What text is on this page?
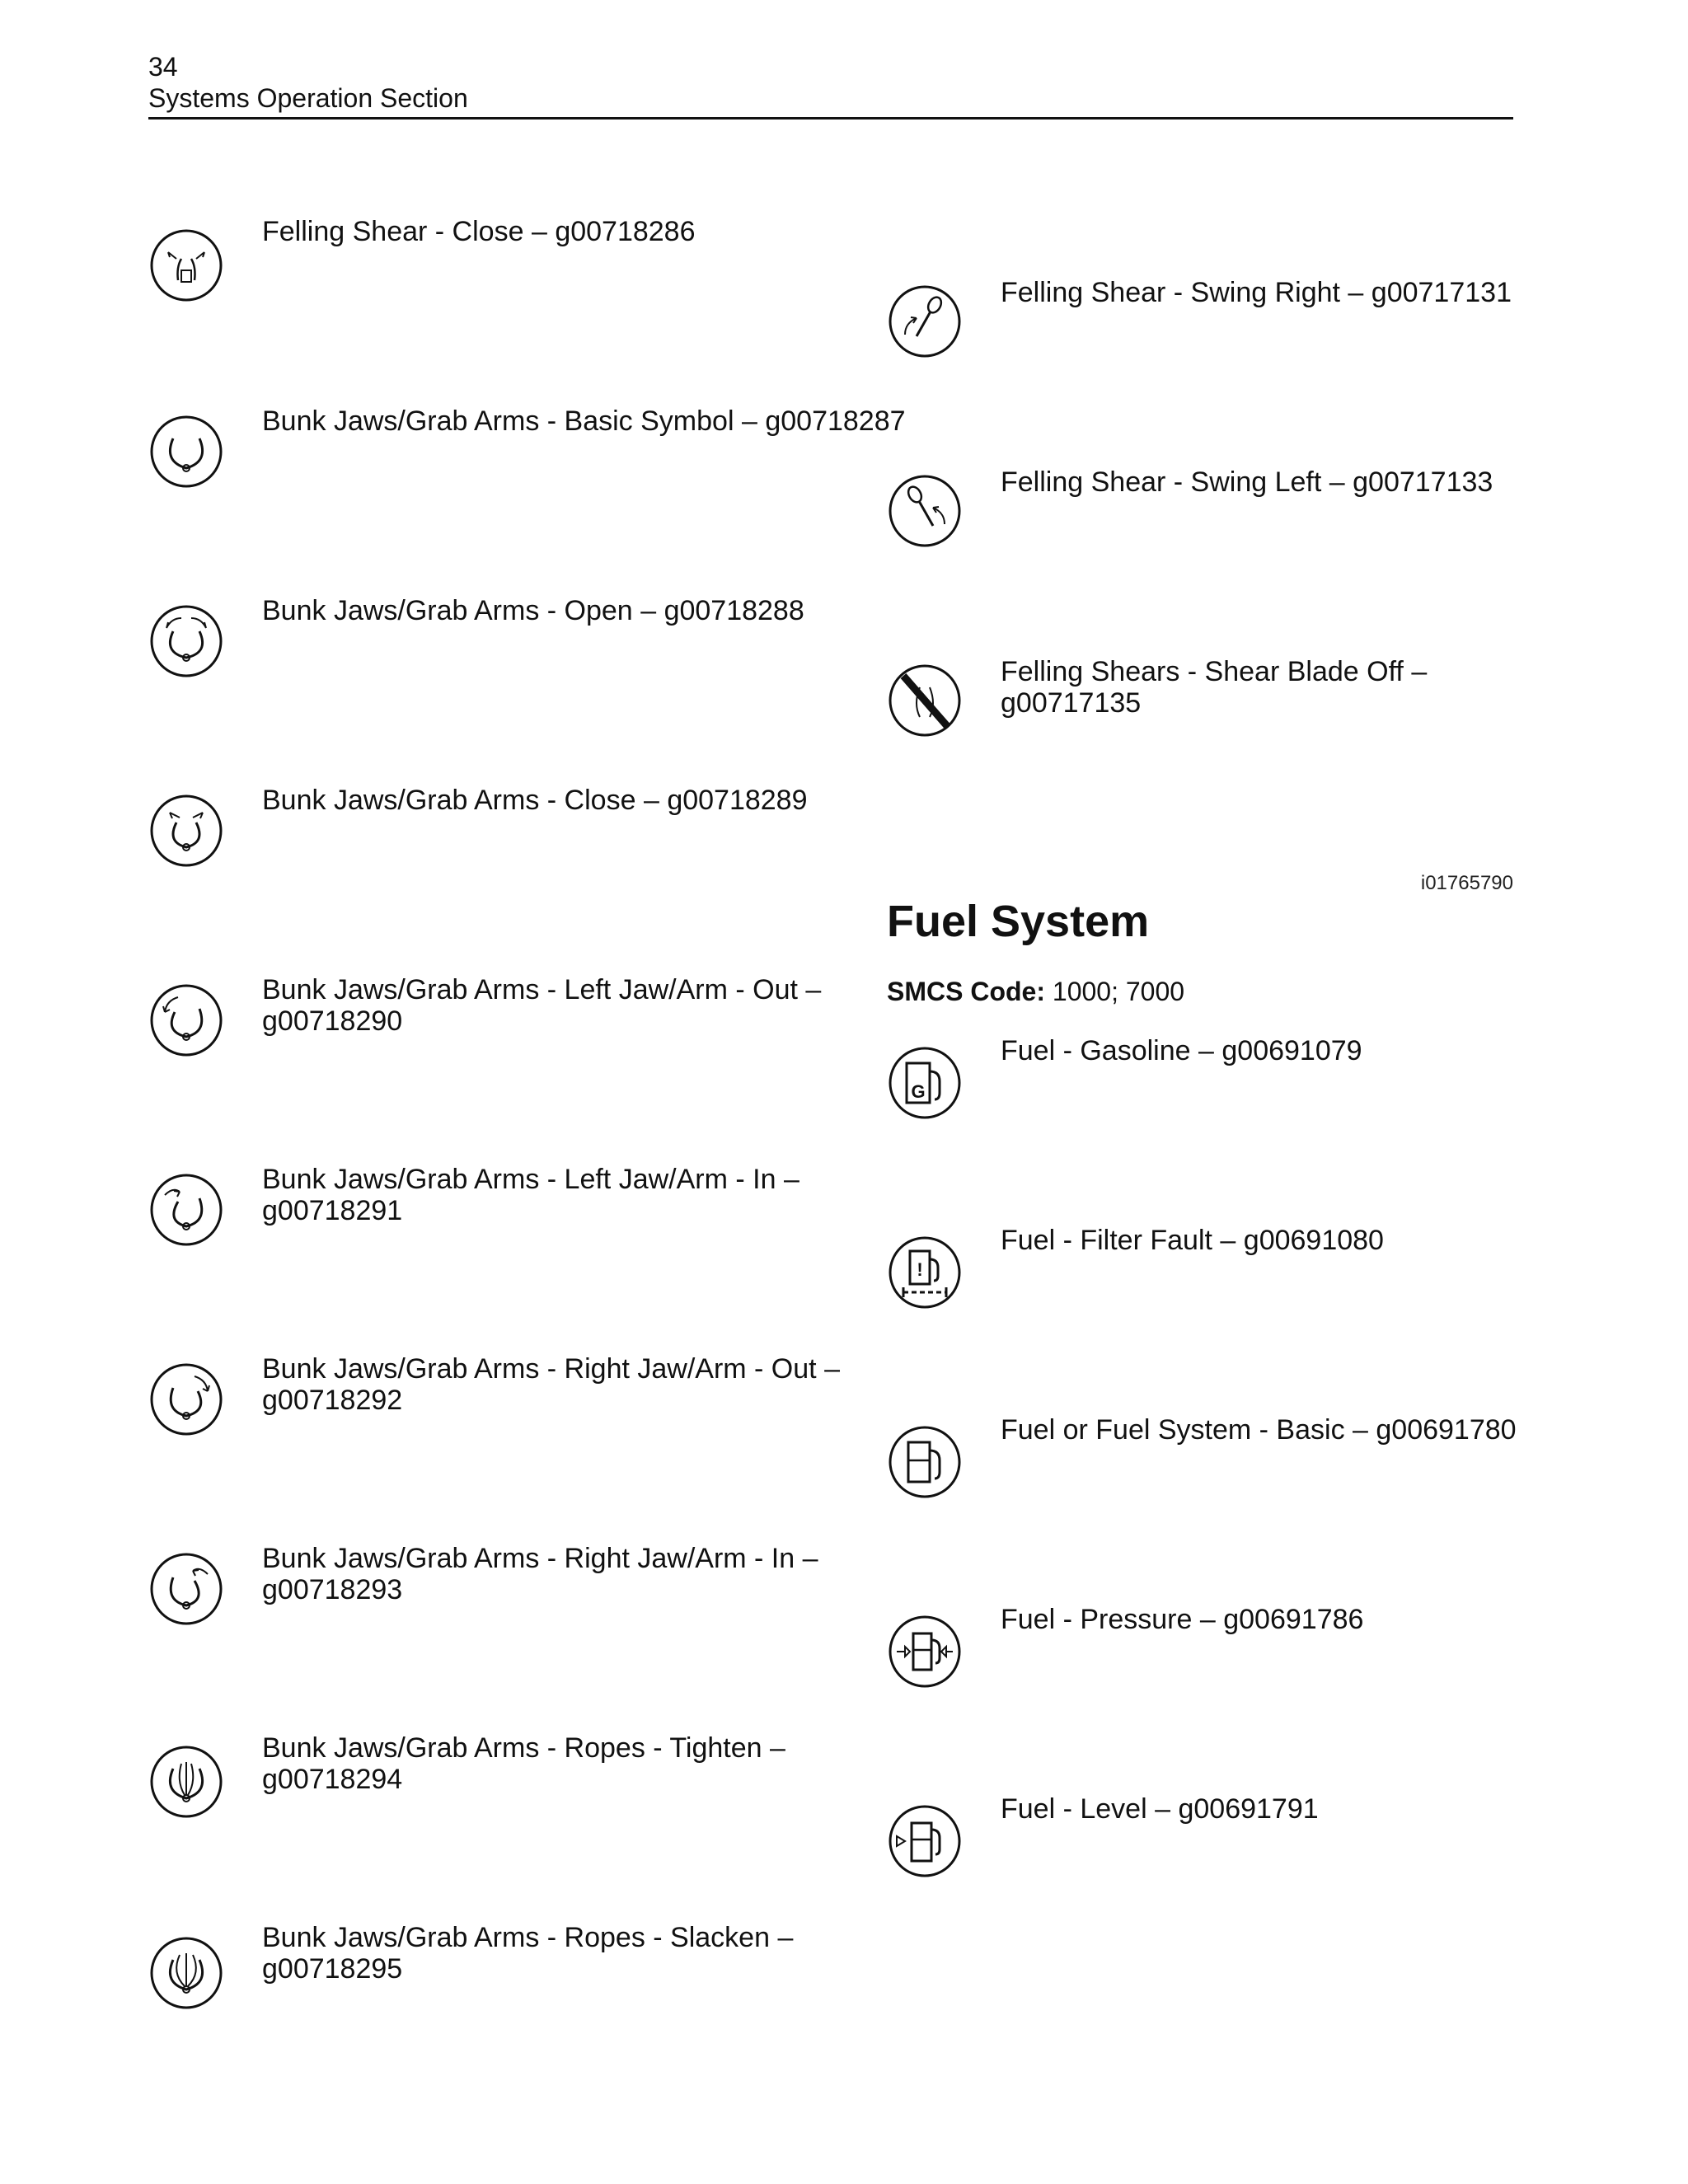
34
Systems Operation Section
Felling Shear - Close – g00718286
Bunk Jaws/Grab Arms - Basic Symbol – g00718287
Bunk Jaws/Grab Arms - Open – g00718288
Bunk Jaws/Grab Arms - Close – g00718289
Bunk Jaws/Grab Arms - Left Jaw/Arm - Out – g00718290
Bunk Jaws/Grab Arms - Left Jaw/Arm - In – g00718291
Bunk Jaws/Grab Arms - Right Jaw/Arm - Out – g00718292
Bunk Jaws/Grab Arms - Right Jaw/Arm - In – g00718293
Bunk Jaws/Grab Arms - Ropes - Tighten – g00718294
Bunk Jaws/Grab Arms - Ropes - Slacken – g00718295
Felling Shear - Swing Right – g00717131
Felling Shear - Swing Left – g00717133
Felling Shears - Shear Blade Off – g00717135
i01765790
Fuel System
SMCS Code: 1000; 7000
G
Fuel - Gasoline – g00691079
!
Fuel - Filter Fault – g00691080
Fuel or Fuel System - Basic – g00691780
Fuel - Pressure – g00691786
Fuel - Level – g00691791
